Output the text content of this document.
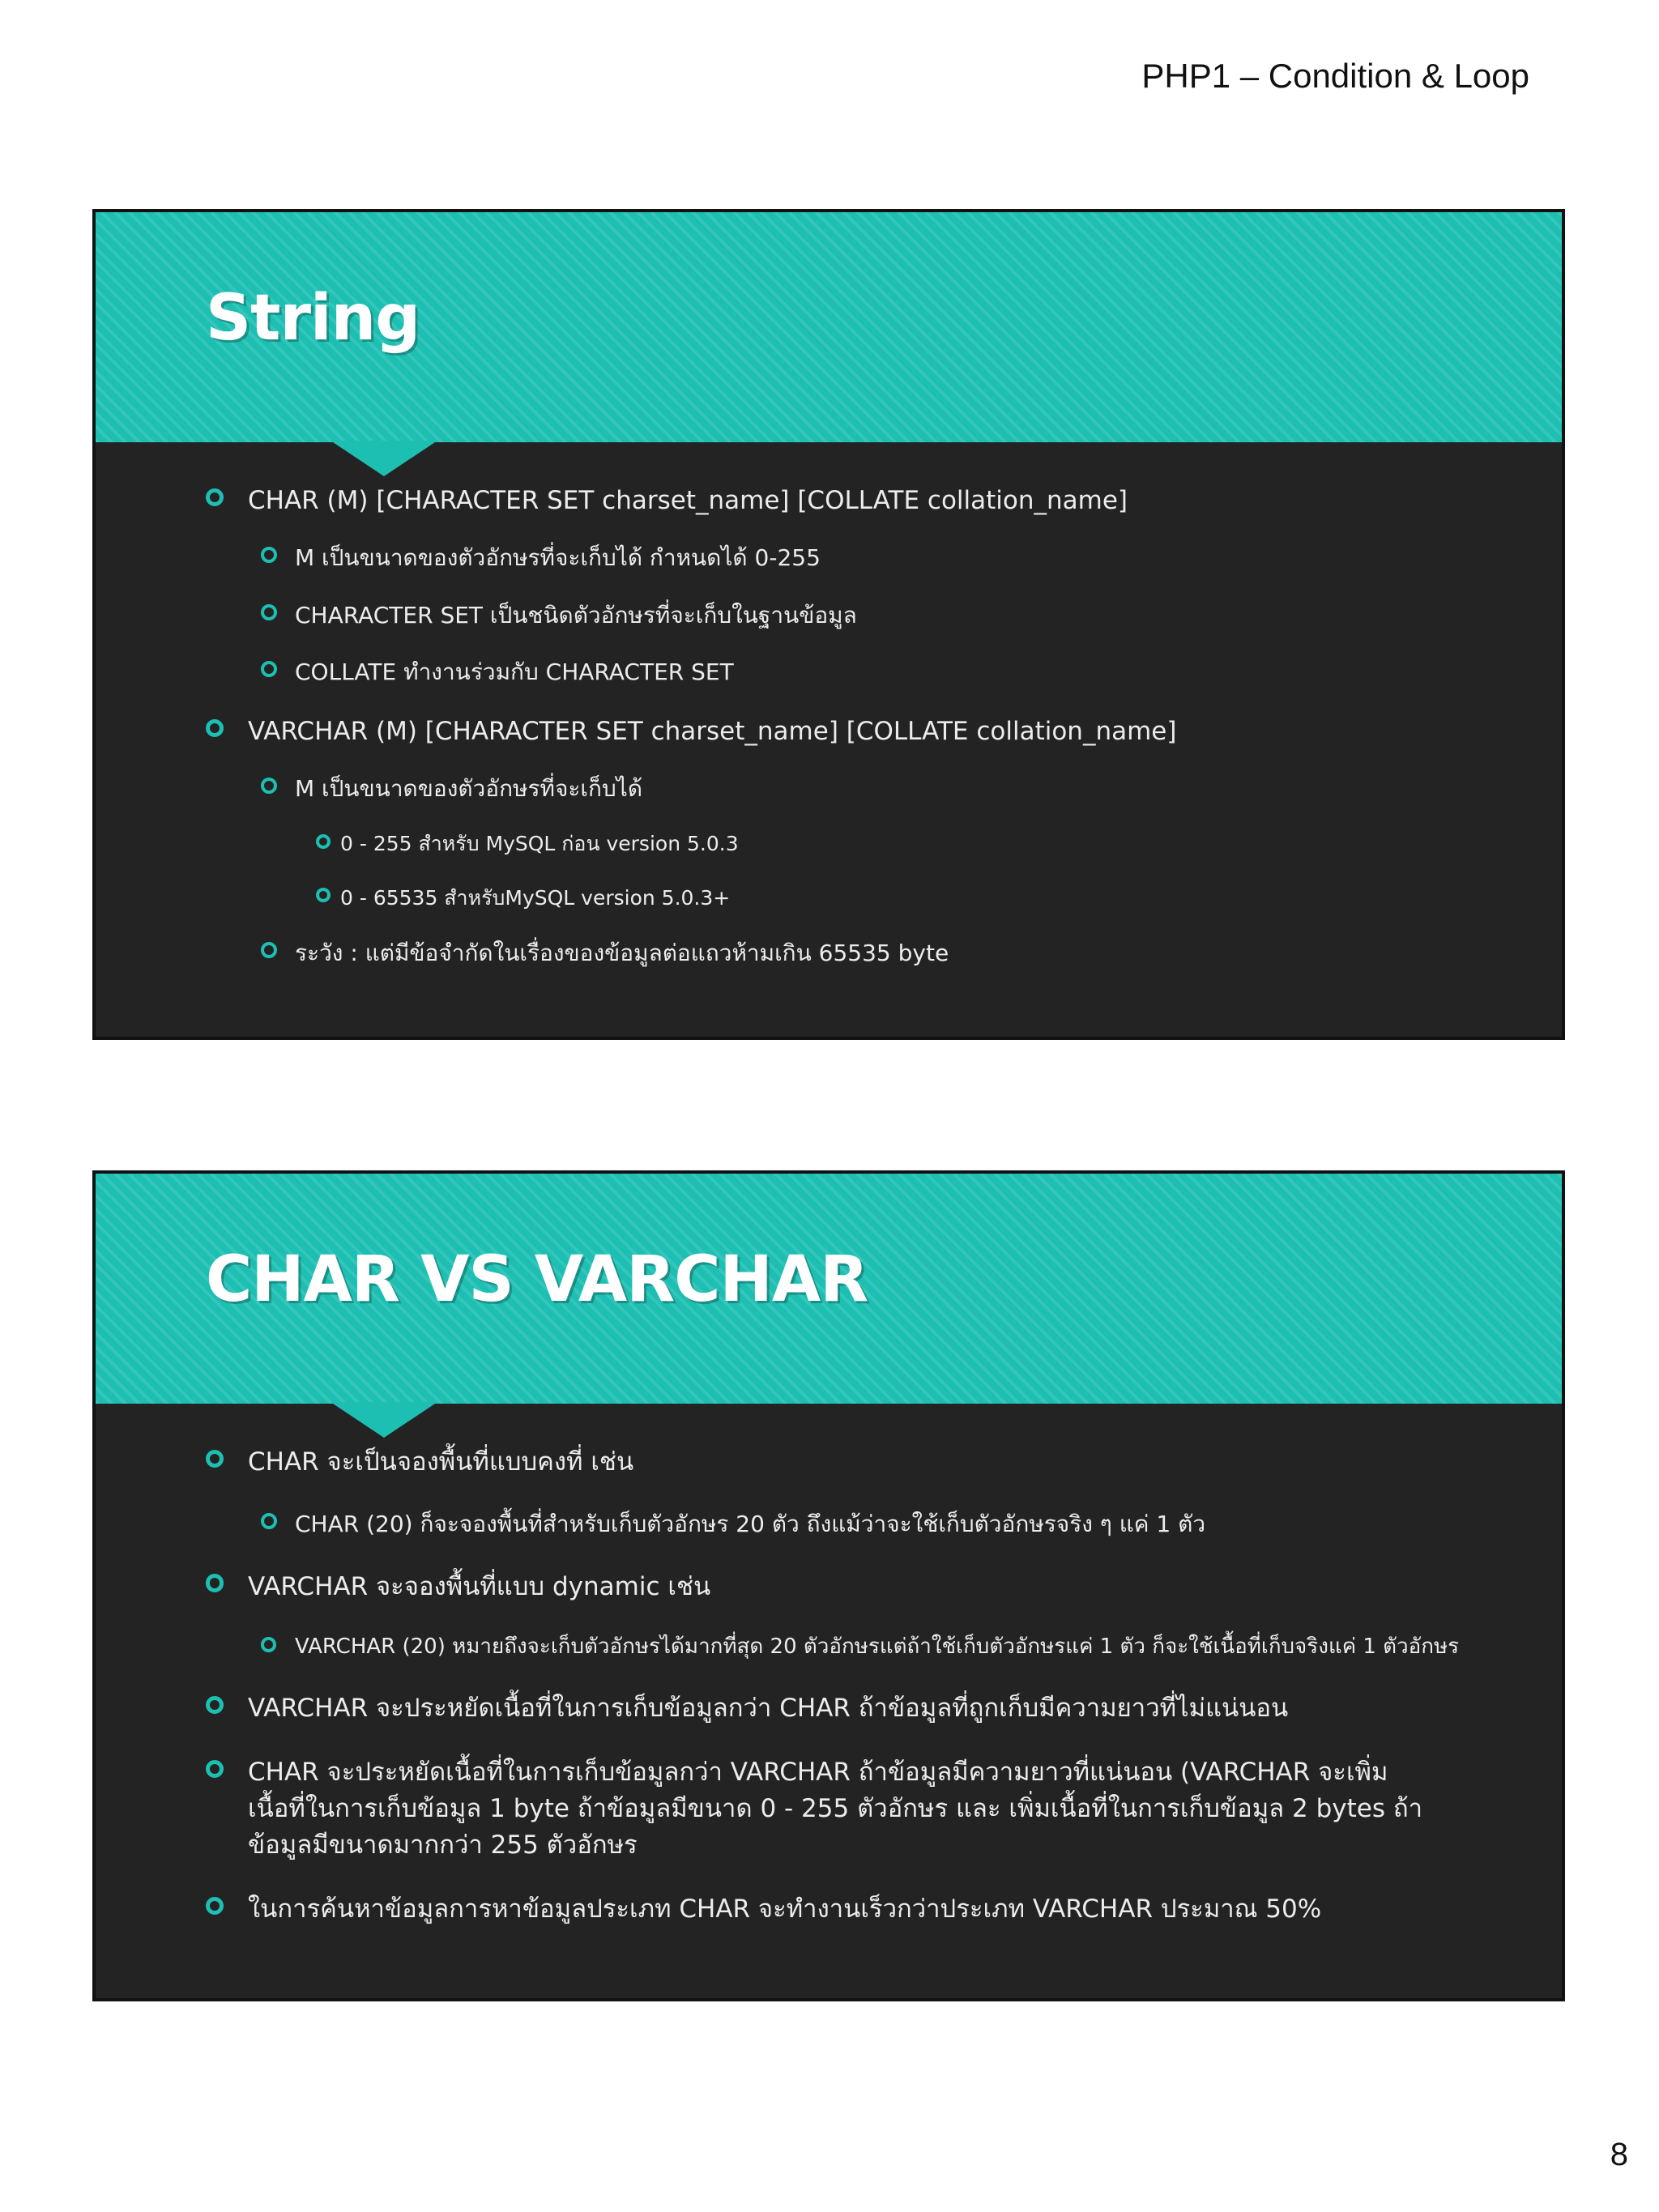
PHP1 – Condition & Loop
String
CHAR (M) [CHARACTER SET charset_name] [COLLATE collation_name]
M เป็นขนาดของตัวอักษรที่จะเก็บได้ กำหนดได้ 0-255
CHARACTER SET เป็นชนิดตัวอักษรที่จะเก็บในฐานข้อมูล
COLLATE ทำงานร่วมกับ CHARACTER SET
VARCHAR (M) [CHARACTER SET charset_name] [COLLATE collation_name]
M เป็นขนาดของตัวอักษรที่จะเก็บได้
0 - 255 สำหรับ MySQL ก่อน version 5.0.3
0 - 65535 สำหรับMySQL version 5.0.3+
ระวัง : แต่มีข้อจำกัดในเรื่องของข้อมูลต่อแถวห้ามเกิน 65535 byte
CHAR VS VARCHAR
CHAR จะเป็นจองพื้นที่แบบคงที่ เช่น
CHAR (20) ก็จะจองพื้นที่สำหรับเก็บตัวอักษร 20 ตัว ถึงแม้ว่าจะใช้เก็บตัวอักษรจริง ๆ แค่ 1 ตัว
VARCHAR จะจองพื้นที่แบบ dynamic เช่น
VARCHAR (20) หมายถึงจะเก็บตัวอักษรได้มากที่สุด 20 ตัวอักษรแต่ถ้าใช้เก็บตัวอักษรแค่ 1 ตัว ก็จะใช้เนื้อที่เก็บจริงแค่ 1 ตัวอักษร
VARCHAR จะประหยัดเนื้อที่ในการเก็บข้อมูลกว่า CHAR ถ้าข้อมูลที่ถูกเก็บมีความยาวที่ไม่แน่นอน
CHAR จะประหยัดเนื้อที่ในการเก็บข้อมูลกว่า VARCHAR ถ้าข้อมูลมีความยาวที่แน่นอน (VARCHAR จะเพิ่มเนื้อที่ในการเก็บข้อมูล 1 byte ถ้าข้อมูลมีขนาด 0 - 255 ตัวอักษร และ เพิ่มเนื้อที่ในการเก็บข้อมูล 2 bytes ถ้าข้อมูลมีขนาดมากกว่า 255 ตัวอักษร
ในการค้นหาข้อมูลการหาข้อมูลประเภท CHAR จะทำงานเร็วกว่าประเภท VARCHAR ประมาณ 50%
8
